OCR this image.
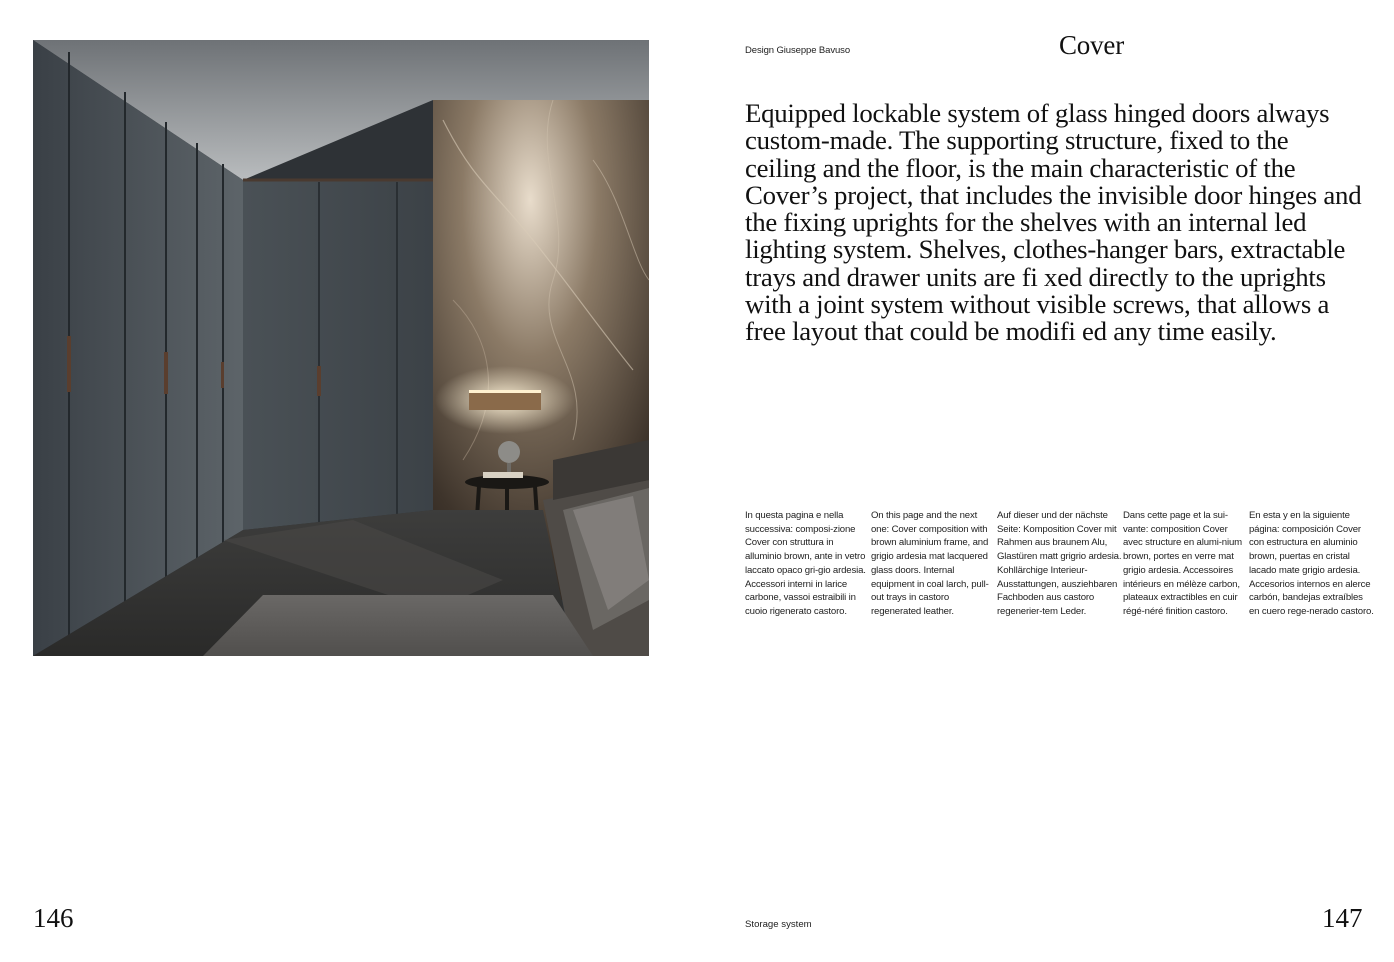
Design Giuseppe Bavuso	Cover

Equipped lockable system of glass hinged doors always custom-made. The supporting structure, fixed to the ceiling and the floor, is the main characteristic of the Cover’s project, that includes the invisible door hinges and the fixing uprights for the shelves with an internal led lighting system. Shelves, clothes-hanger bars, extractable trays and drawer units are fi xed directly to the uprights with a joint system without visible screws, that allows a free layout that could be modifi ed any time easily.

In questa pagina e nella successiva: composi-zione Cover con struttura in alluminio brown, ante in vetro laccato opaco gri-gio ardesia. Accessori interni in larice carbone, vassoi estraibili in cuoio rigenerato castoro.

On this page and the next one: Cover composition with brown aluminium frame, and grigio ardesia mat lacquered glass doors. Internal equipment in coal larch, pull-out trays in castoro regenerated leather.

Auf dieser und der nächste Seite: Komposition Cover mit Rahmen aus braunem Alu, Glastüren matt grigrio ardesia. Kohllärchige Interieur-Ausstattungen, ausziehbaren Fachboden aus castoro regenerier-tem Leder.

Dans cette page et la sui-vante: composition Cover avec structure en alumi-nium brown, portes en verre mat grigio ardesia. Accessoires intérieurs en mélèze carbon, plateaux extractibles en cuir régé-néré finition castoro.

En esta y en la siguiente página: composición Cover con estructura en aluminio brown, puertas en cristal lacado mate grigio ardesia. Accesorios internos en alerce carbón, bandejas extraíbles en cuero rege-nerado castoro.

146	Storage system	147
